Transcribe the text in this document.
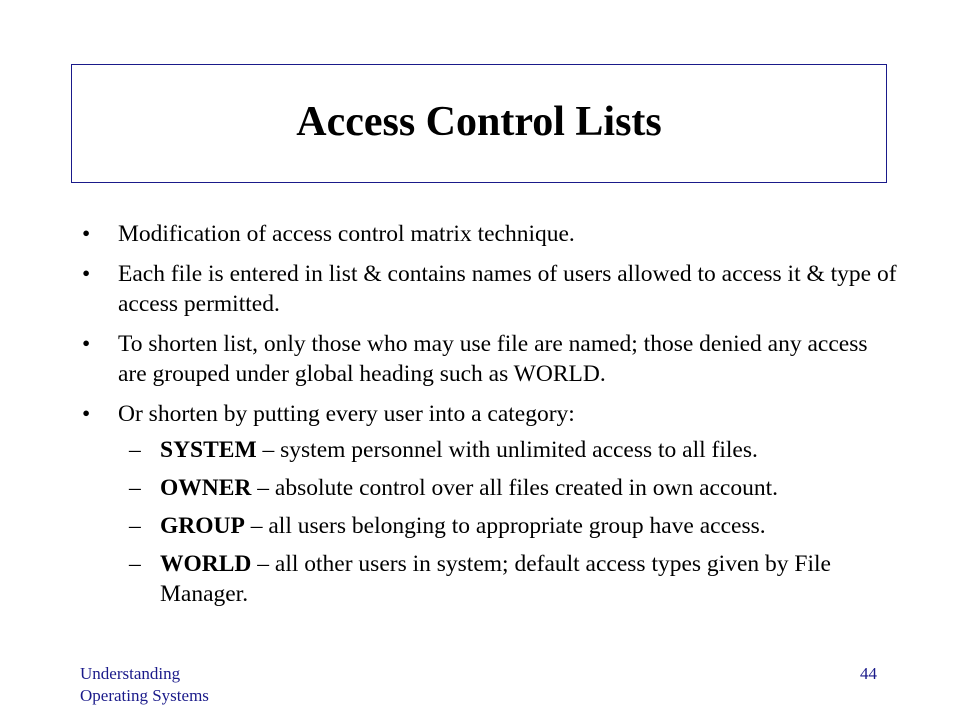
Access Control Lists
• Modification of access control matrix technique.
• Each file is entered in list & contains names of users allowed to access it & type of access permitted.
• To shorten list, only those who may use file are named; those denied any access are grouped under global heading such as WORLD.
• Or shorten by putting every user into a category:
– SYSTEM – system personnel with unlimited access to all files.
– OWNER – absolute control over all files created in own account.
– GROUP – all users belonging to appropriate group have access.
– WORLD – all other users in system; default access types given by File Manager.
Understanding
Operating Systems
44
